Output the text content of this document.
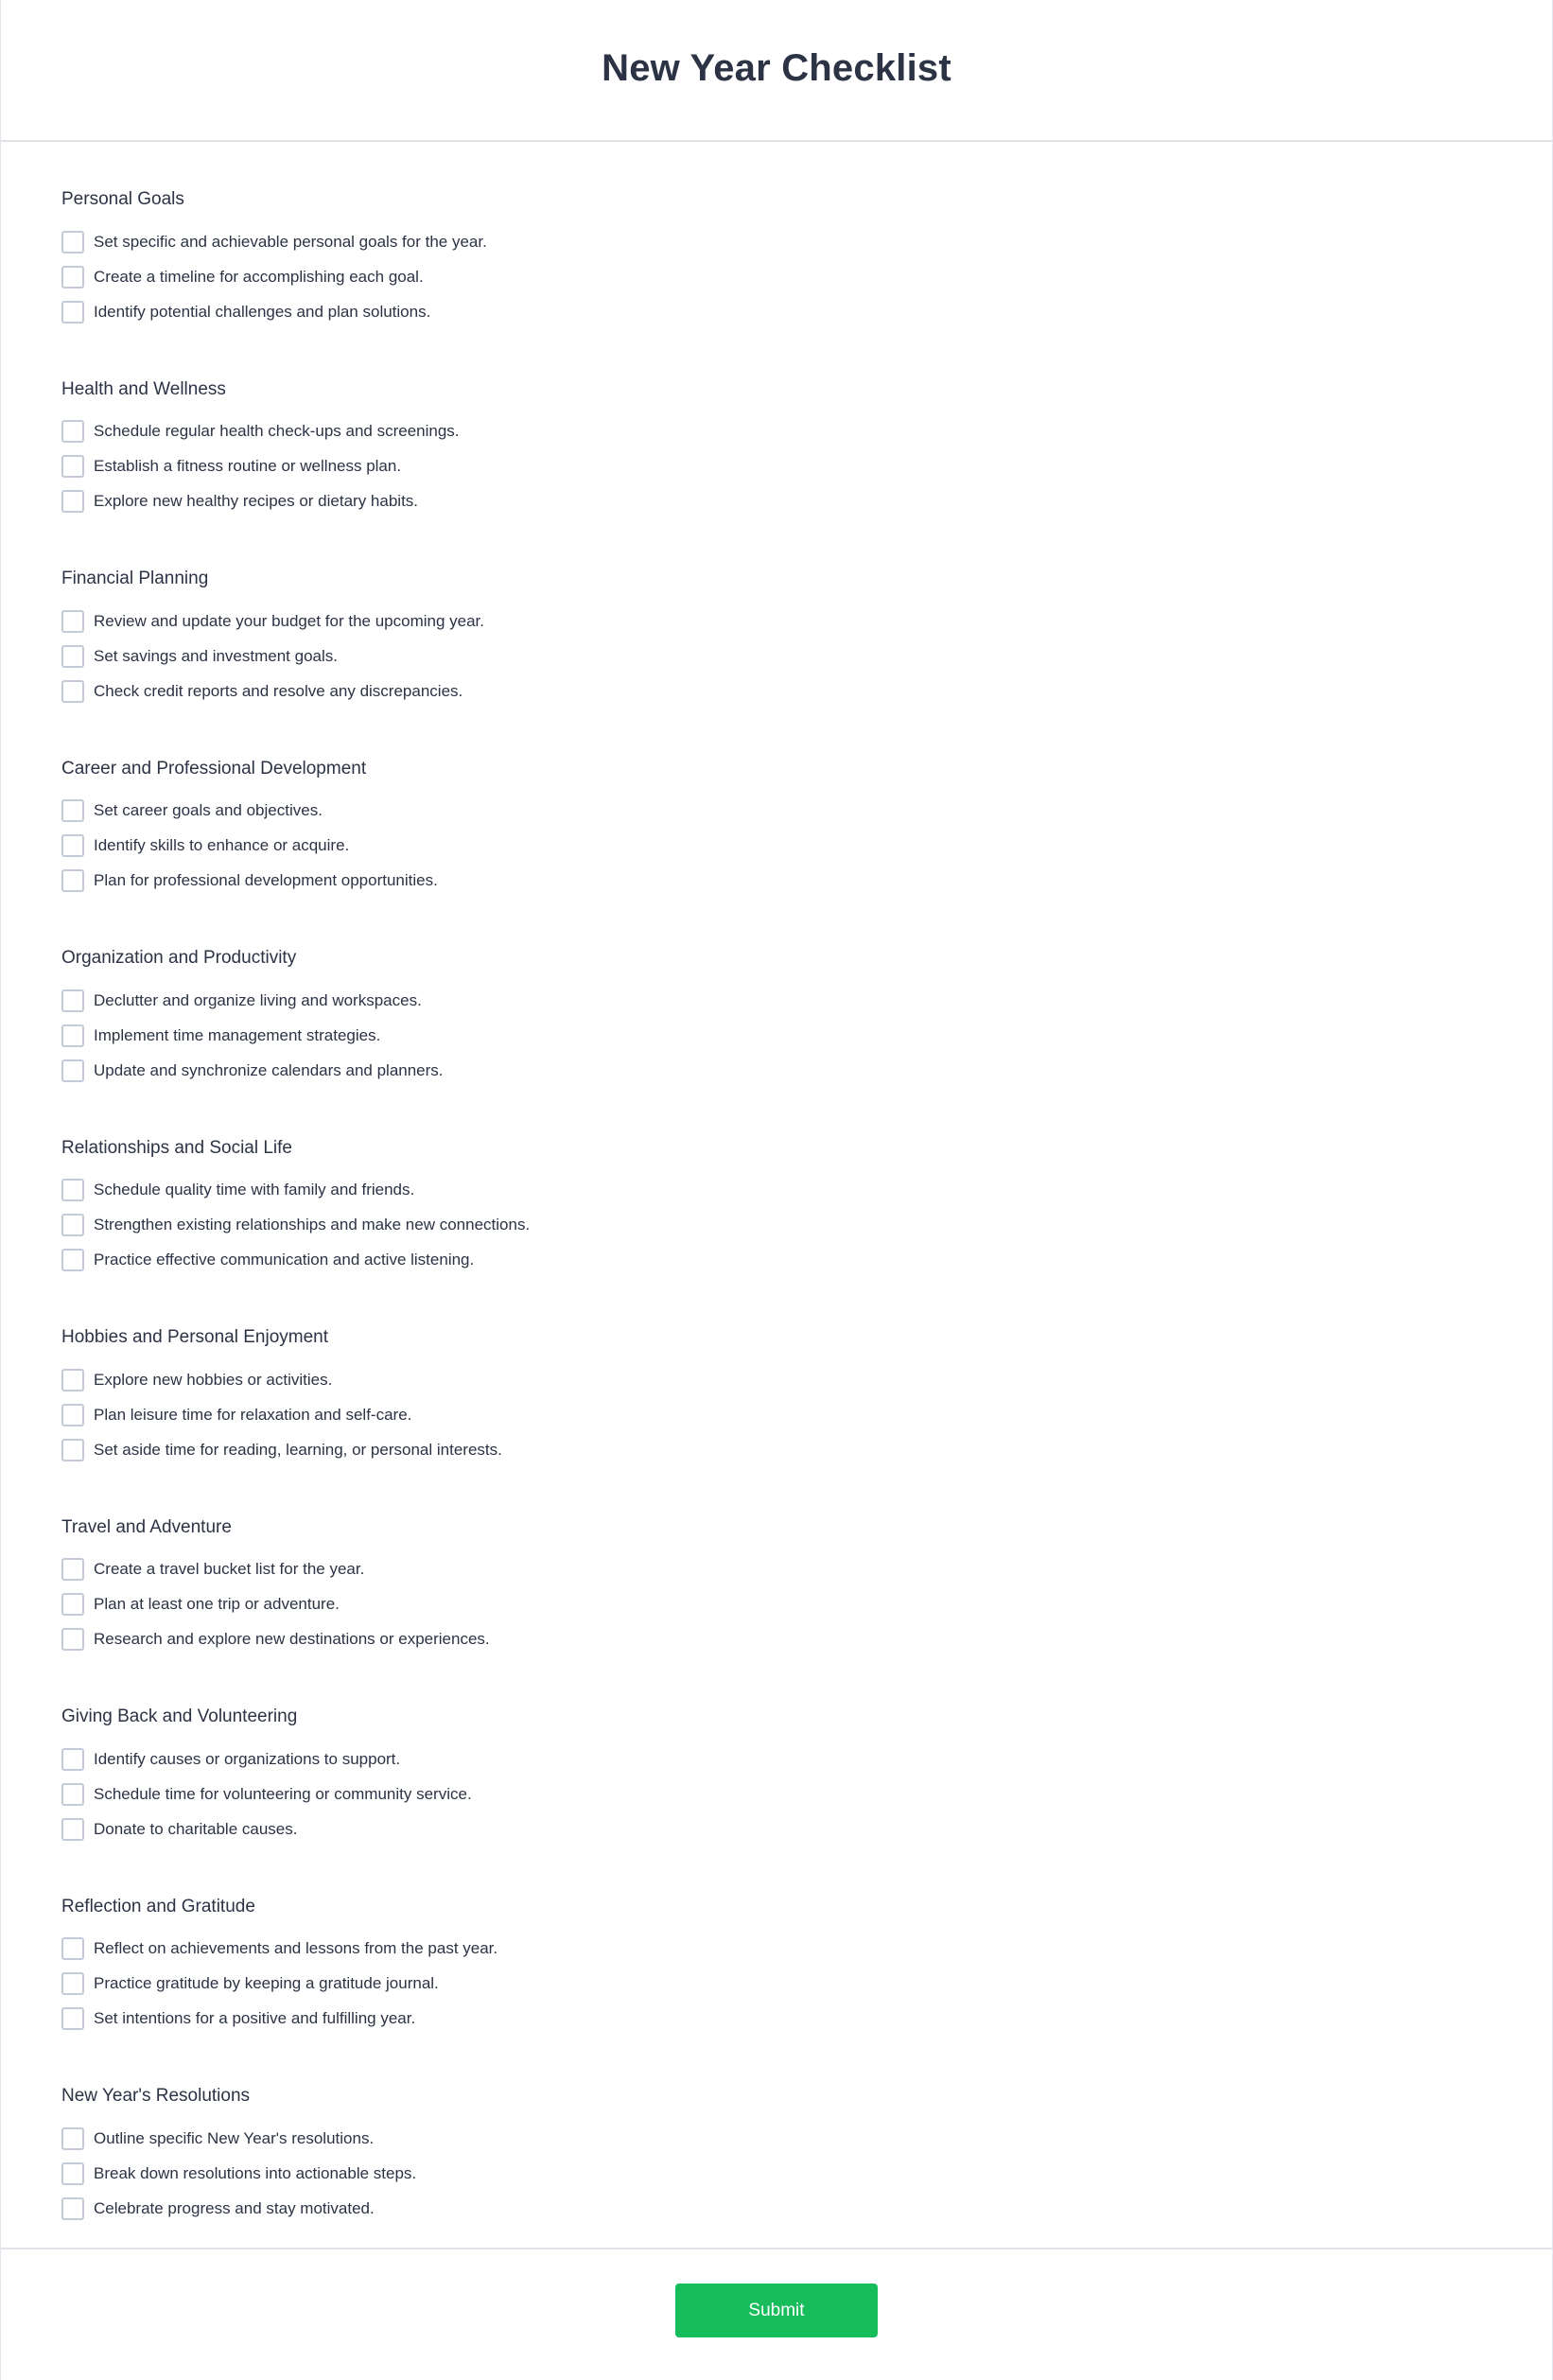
New Year Checklist
Personal Goals
Set specific and achievable personal goals for the year.
Create a timeline for accomplishing each goal.
Identify potential challenges and plan solutions.
Health and Wellness
Schedule regular health check-ups and screenings.
Establish a fitness routine or wellness plan.
Explore new healthy recipes or dietary habits.
Financial Planning
Review and update your budget for the upcoming year.
Set savings and investment goals.
Check credit reports and resolve any discrepancies.
Career and Professional Development
Set career goals and objectives.
Identify skills to enhance or acquire.
Plan for professional development opportunities.
Organization and Productivity
Declutter and organize living and workspaces.
Implement time management strategies.
Update and synchronize calendars and planners.
Relationships and Social Life
Schedule quality time with family and friends.
Strengthen existing relationships and make new connections.
Practice effective communication and active listening.
Hobbies and Personal Enjoyment
Explore new hobbies or activities.
Plan leisure time for relaxation and self-care.
Set aside time for reading, learning, or personal interests.
Travel and Adventure
Create a travel bucket list for the year.
Plan at least one trip or adventure.
Research and explore new destinations or experiences.
Giving Back and Volunteering
Identify causes or organizations to support.
Schedule time for volunteering or community service.
Donate to charitable causes.
Reflection and Gratitude
Reflect on achievements and lessons from the past year.
Practice gratitude by keeping a gratitude journal.
Set intentions for a positive and fulfilling year.
New Year's Resolutions
Outline specific New Year's resolutions.
Break down resolutions into actionable steps.
Celebrate progress and stay motivated.
Submit
